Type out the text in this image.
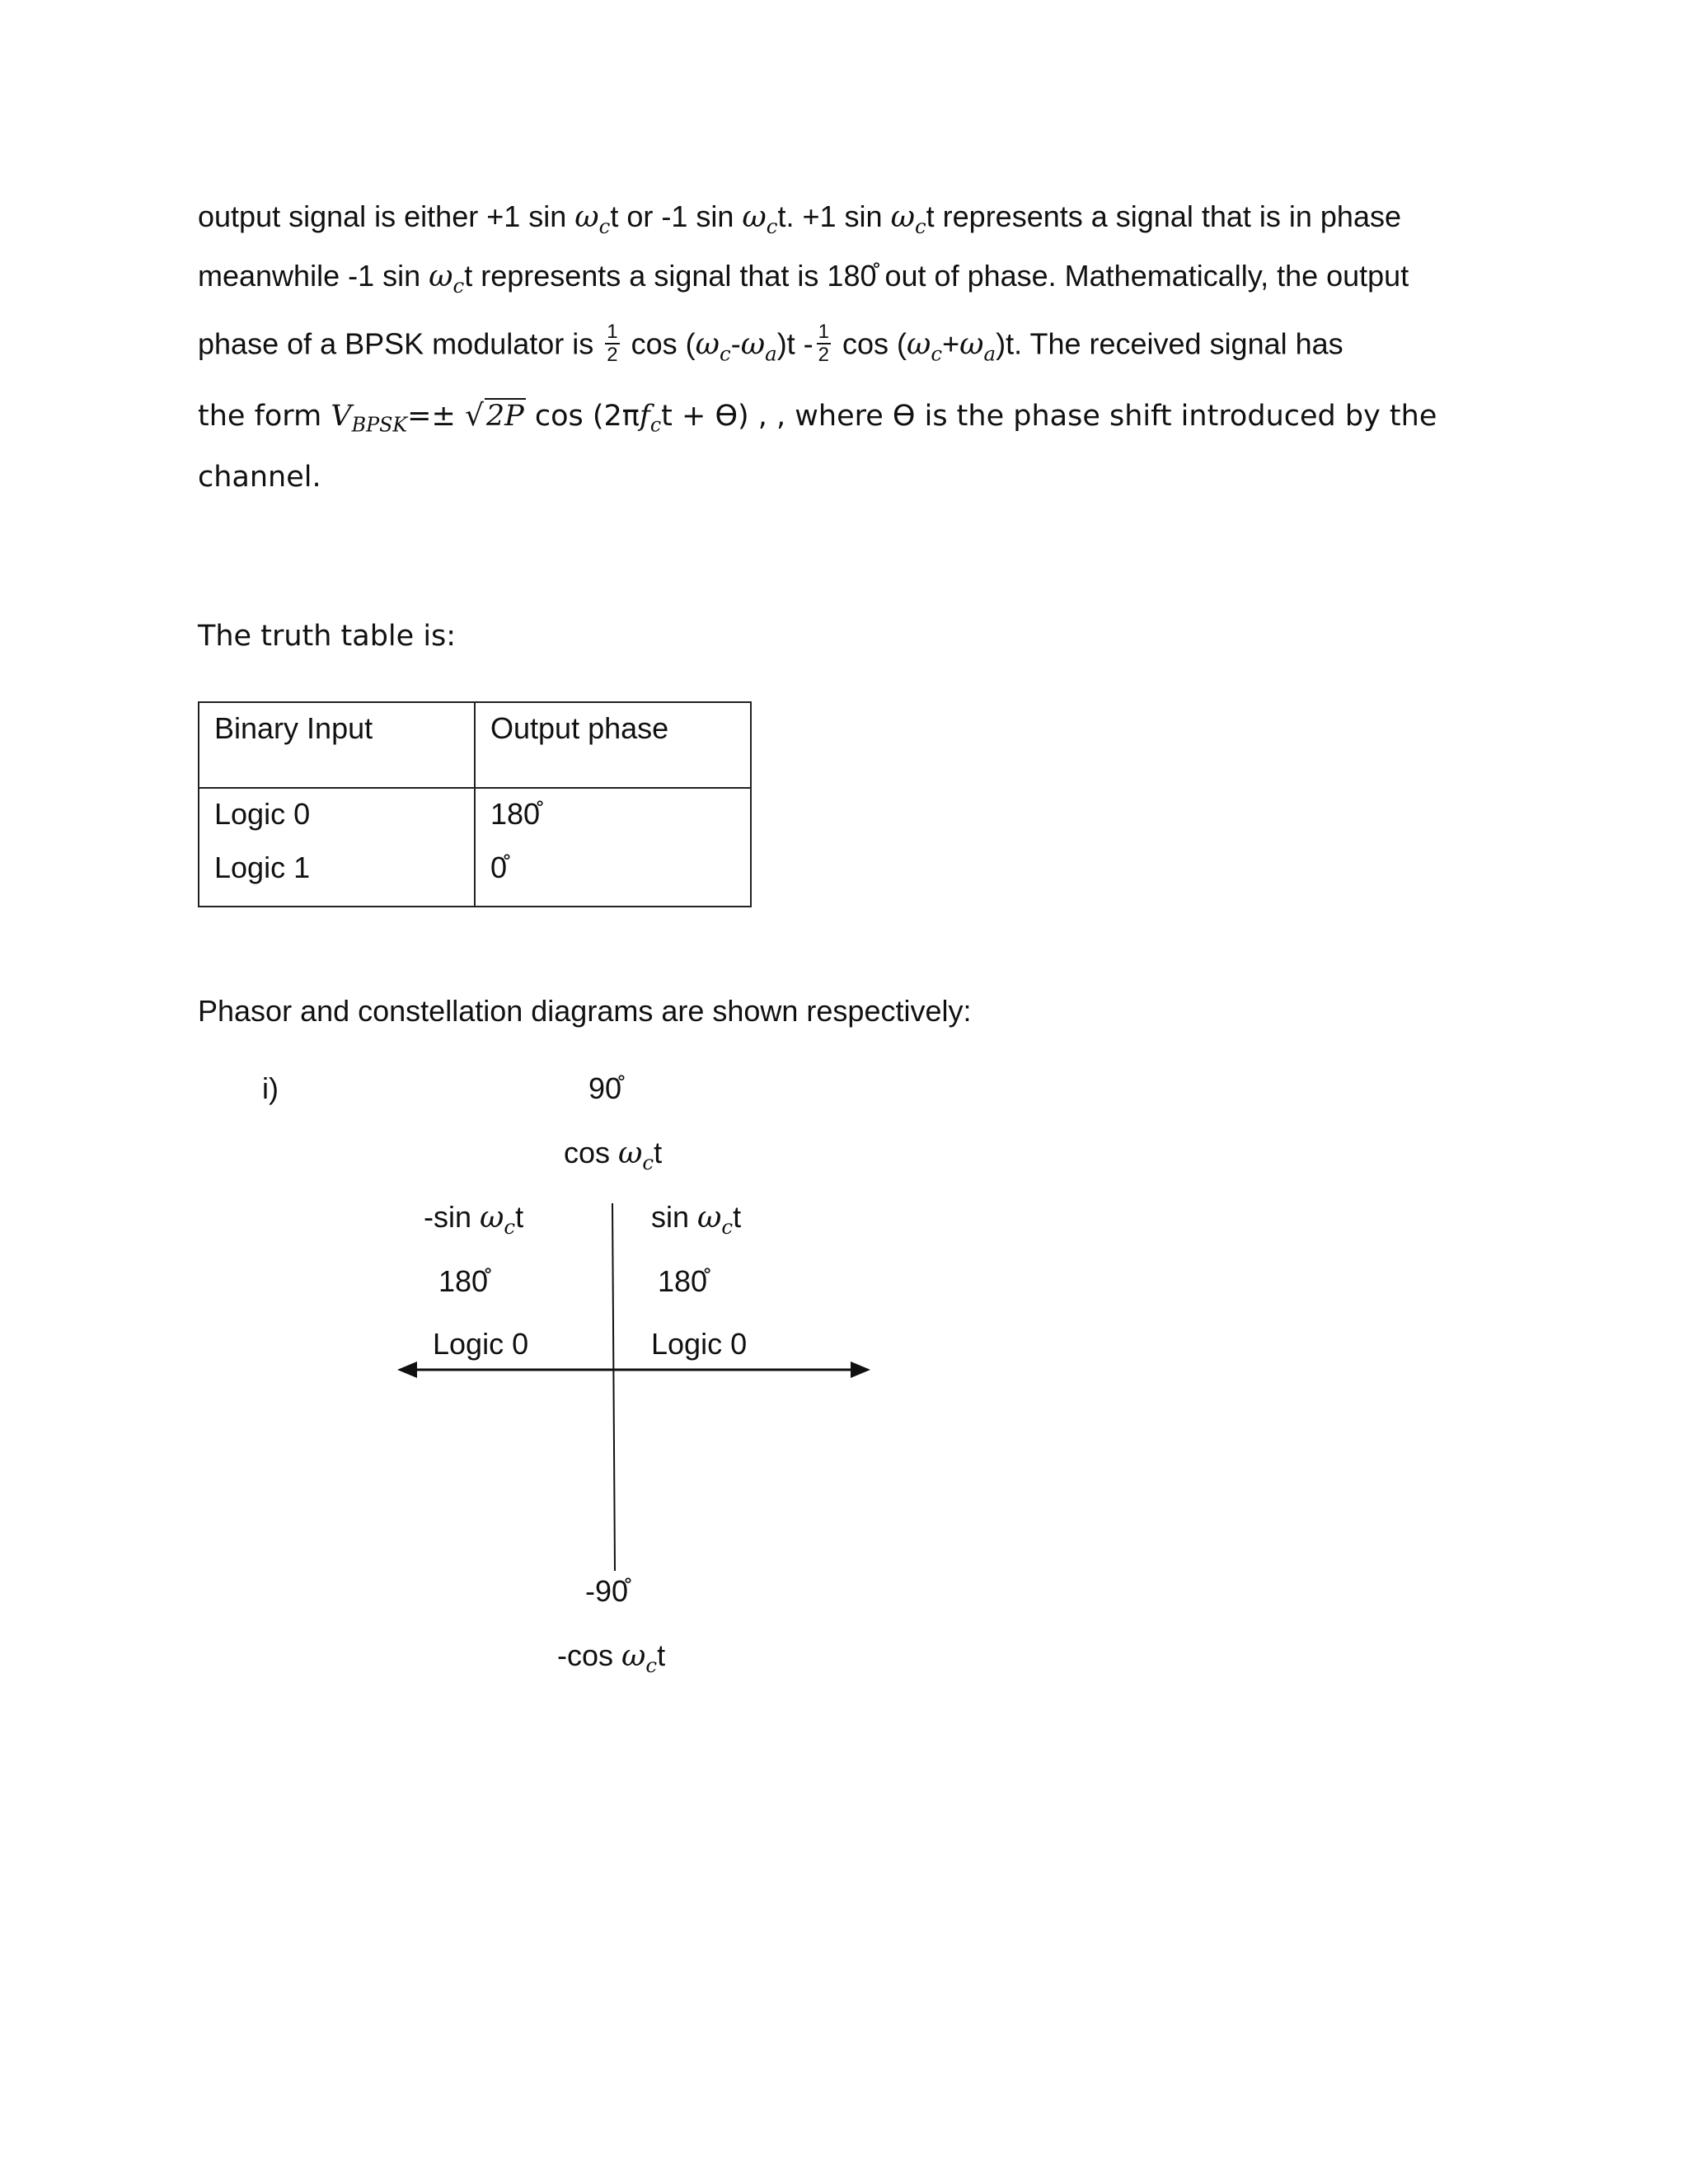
output signal is either +1 $\sin \omega_ct$ or -1 $\sin \omega_ct$. +1 $\sin \omega_ct$ represents a signal that is in phase
meanwhile -1 $\sin \omega_ct$ represents a signal that is 180̊ out of phase. Mathematically, the output
phase of a BPSK modulator is $\frac{1}{2}$ $\cos (\omega_c-\omega_a)t - \frac{1}{2}$ $\cos (\omega_c+\omega_a)t$. The received signal has
the form $V_{BPSK}=\pm √2P$ $\cos (2\pi f_ct + ϴ)$ , , where ϴ is the phase shift introduced by the
channel.
The truth table is:
Binary Input	Output phase
Logic 0	180̊
Logic 1	0̊
Phasor and constellation diagrams are shown respectively:
i)	90̊
$\cos \omega_ct$
-sin $\omega_ct$
180̊
Logic 0
$\sin \omega_ct$
180̊
Logic 0
-90̊
-cos $\omega_ct$
